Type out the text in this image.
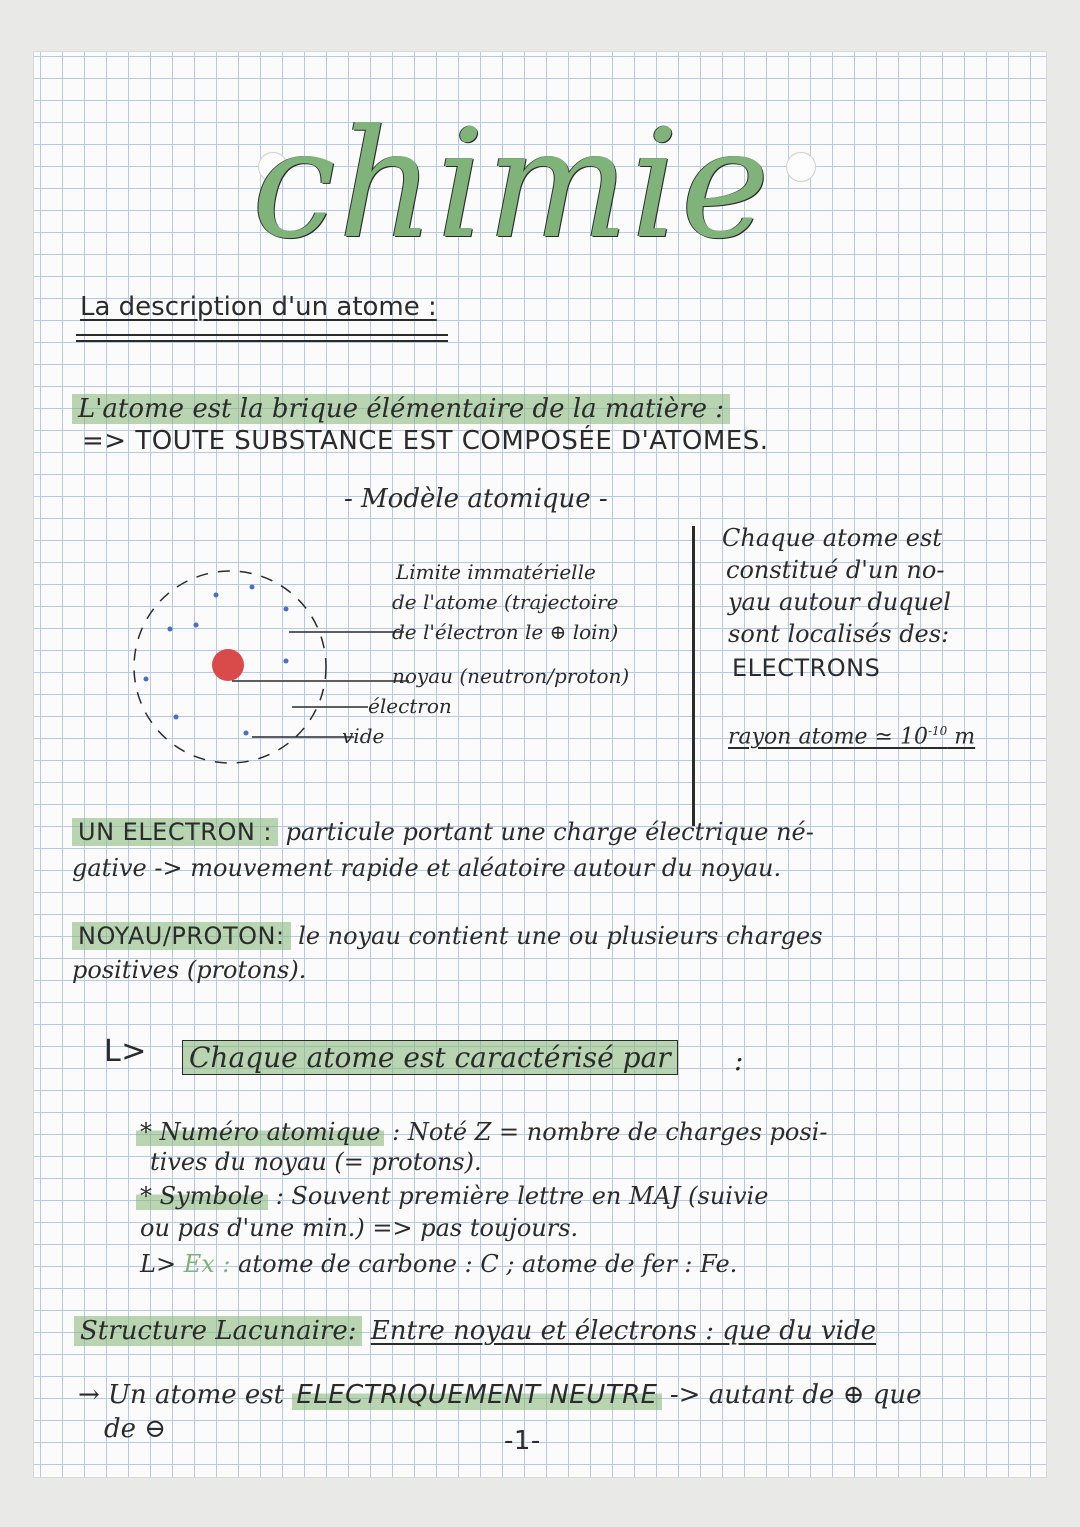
chimie
La description d'un atome :
L'atome est la brique élémentaire de la matière :
=> TOUTE SUBSTANCE EST COMPOSÉE D'ATOMES.
- Modèle atomique -
Limite immatérielle
de l'atome (trajectoire
de l'électron le ⊕ loin)
noyau (neutron/proton)
électron
vide
Chaque atome est
constitué d'un no-
yau autour duquel
sont localisés des:
ELECTRONS
rayon atome ≃ $10^{-10}$ m
UN ELECTRON : particule portant une charge électrique né-
gative -> mouvement rapide et aléatoire autour du noyau.
NOYAU/PROTON: le noyau contient une ou plusieurs charges
positives (protons).
L> Chaque atome est caractérisé par :
* Numéro atomique : Noté Z = nombre de charges posi-
tives du noyau (= protons).
* Symbole : Souvent première lettre en MAJ (suivie
ou pas d'une min.) => pas toujours.
L> Ex : atome de carbone : C ; atome de fer : Fe.
Structure Lacunaire: Entre noyau et électrons : que du vide
→ Un atome est ELECTRIQUEMENT NEUTRE -> autant de ⊕ que
de ⊖	-1-
